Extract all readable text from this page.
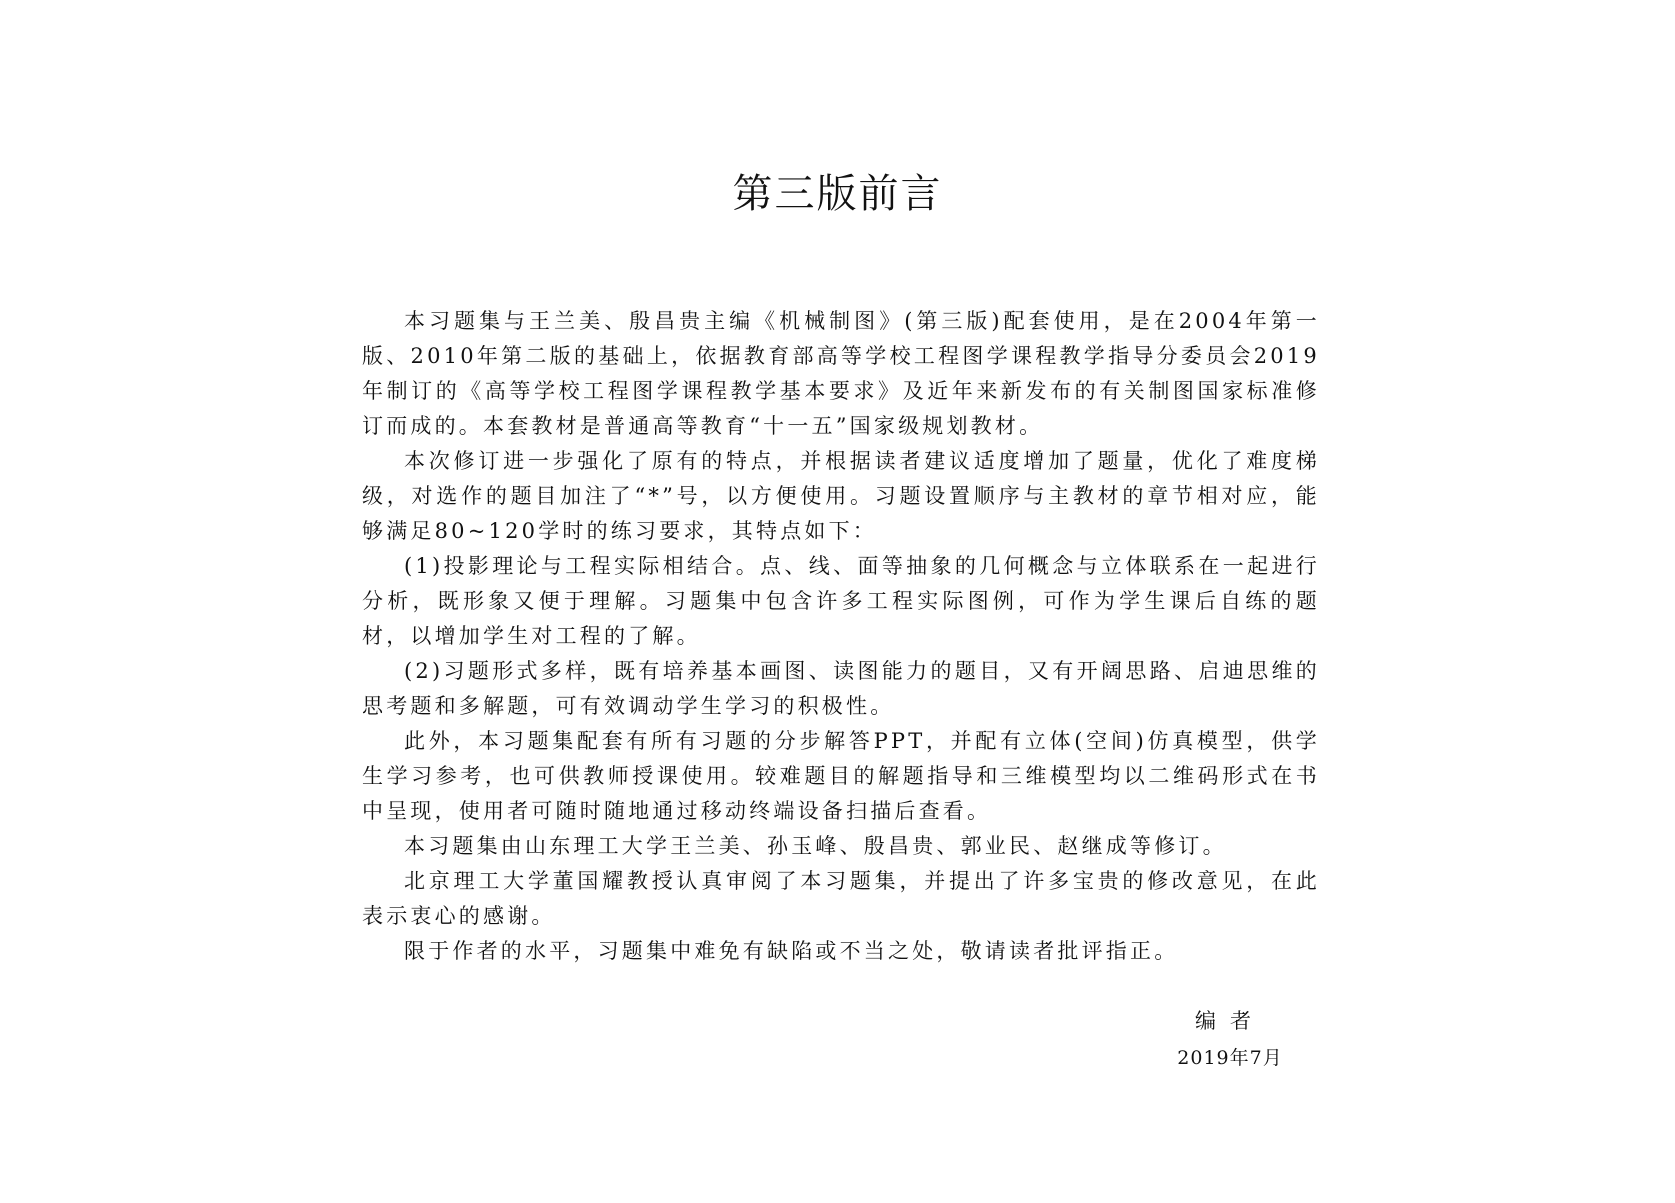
第三版前言

本习题集与王兰美、殷昌贵主编《机械制图》(第三版)配套使用，是在2004年第一版、2010年第二版的基础上，依据教育部高等学校工程图学课程教学指导分委员会2019年制订的《高等学校工程图学课程教学基本要求》及近年来新发布的有关制图国家标准修订而成的。本套教材是普通高等教育“十一五”国家级规划教材。

本次修订进一步强化了原有的特点，并根据读者建议适度增加了题量，优化了难度梯级，对选作的题目加注了“*”号，以方便使用。习题设置顺序与主教材的章节相对应，能够满足80~120学时的练习要求，其特点如下：

(1)投影理论与工程实际相结合。点、线、面等抽象的几何概念与立体联系在一起进行分析，既形象又便于理解。习题集中包含许多工程实际图例，可作为学生课后自练的题材，以增加学生对工程的了解。

(2)习题形式多样，既有培养基本画图、读图能力的题目，又有开阔思路、启迪思维的思考题和多解题，可有效调动学生学习的积极性。

此外，本习题集配套有所有习题的分步解答PPT，并配有立体(空间)仿真模型，供学生学习参考，也可供教师授课使用。较难题目的解题指导和三维模型均以二维码形式在书中呈现，使用者可随时随地通过移动终端设备扫描后查看。

本习题集由山东理工大学王兰美、孙玉峰、殷昌贵、郭业民、赵继成等修订。

北京理工大学董国耀教授认真审阅了本习题集，并提出了许多宝贵的修改意见，在此表示衷心的感谢。

限于作者的水平，习题集中难免有缺陷或不当之处，敬请读者批评指正。

编者

2019年7月
